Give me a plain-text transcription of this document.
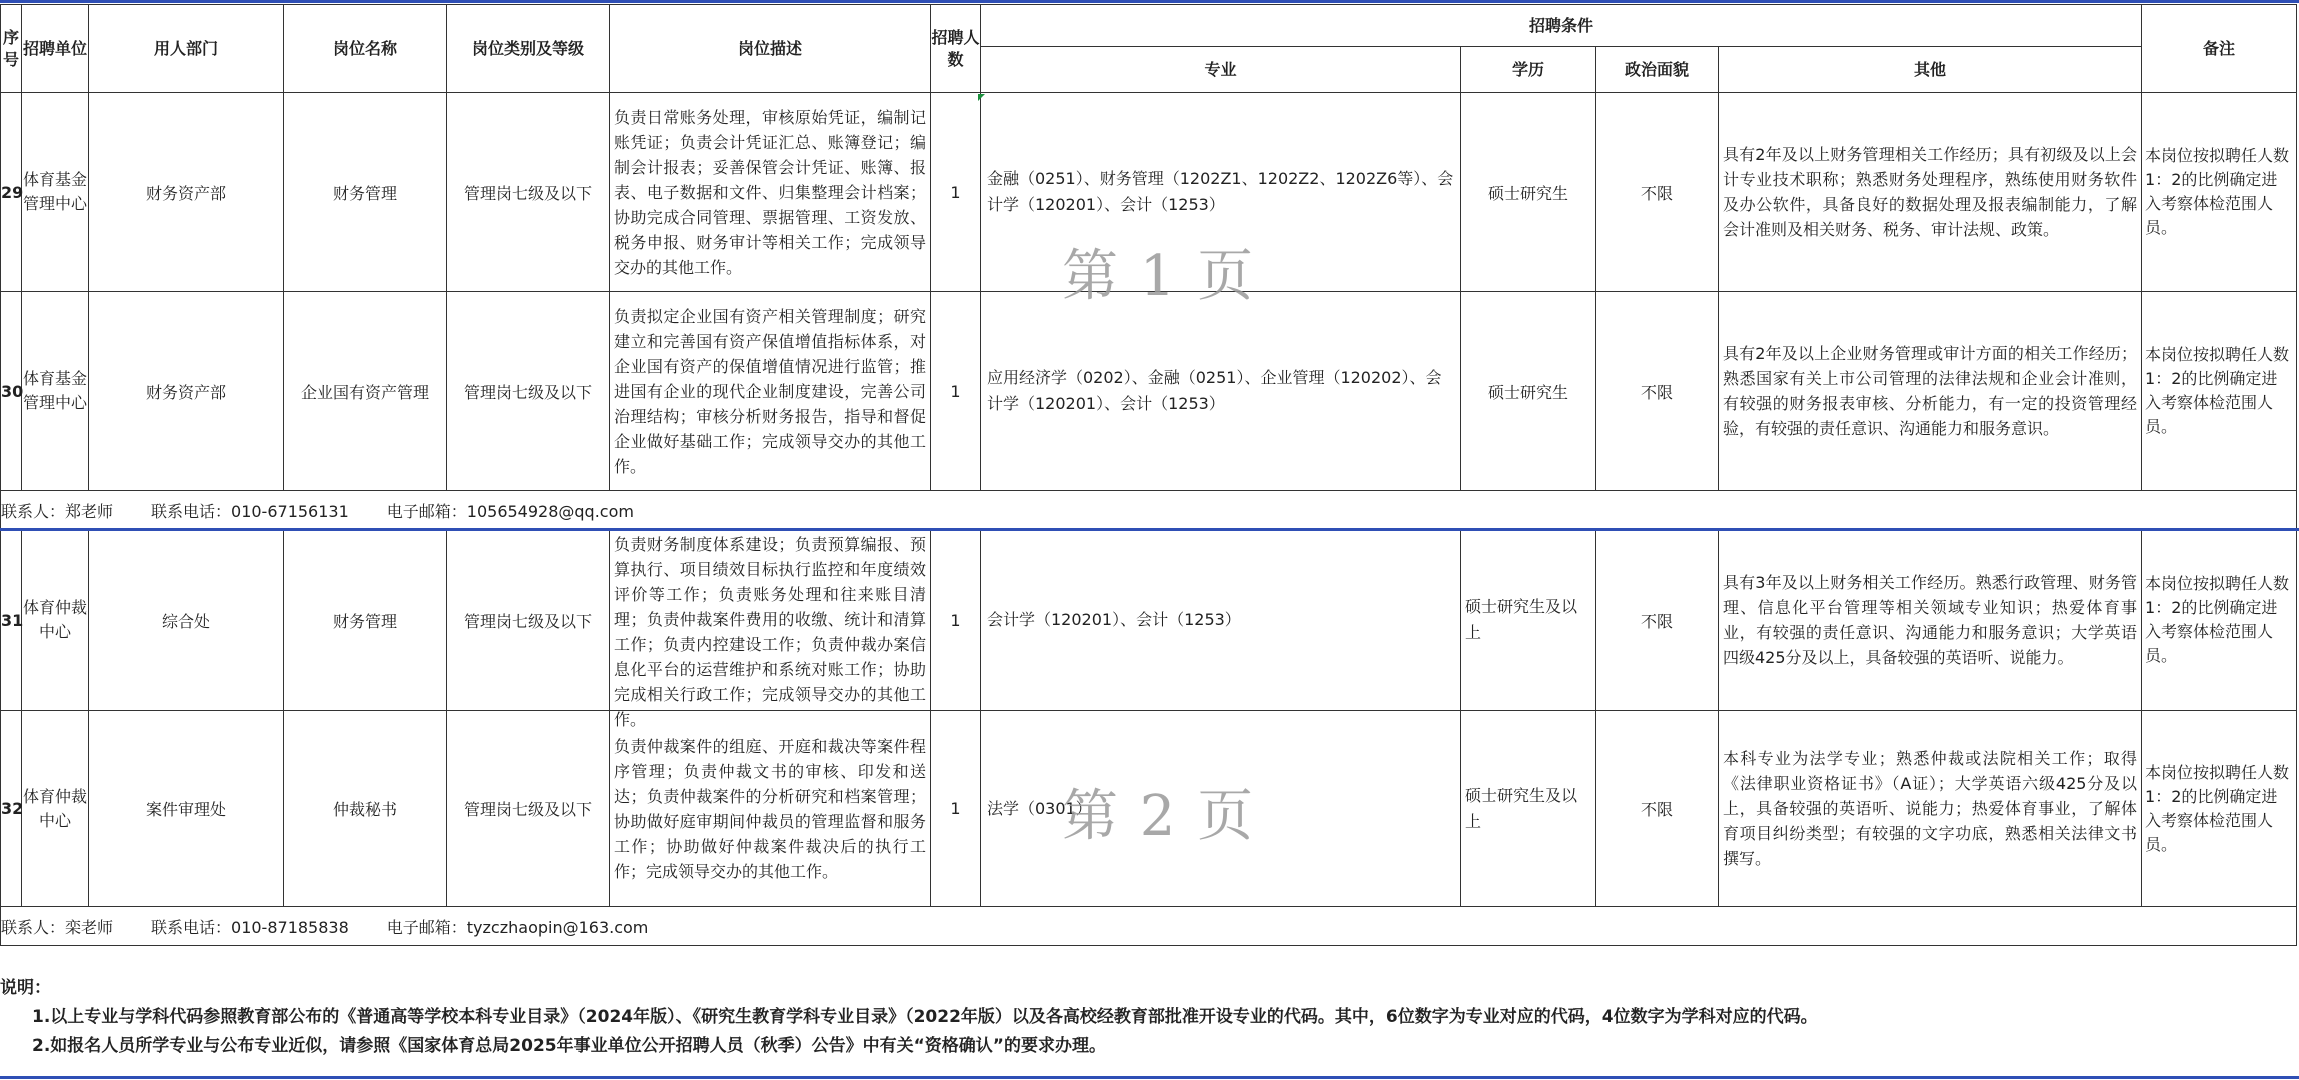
序号	招聘单位	用人部门	岗位名称	岗位类别及等级	岗位描述	招聘人数	招聘条件				备注
							专业	学历	政治面貌	其他	
29	体育基金管理中心	财务资产部	财务管理	管理岗七级及以下	负责日常账务处理，审核原始凭证，编制记账凭证；负责会计凭证汇总、账簿登记；编制会计报表；妥善保管会计凭证、账簿、报表、电子数据和文件、归集整理会计档案；协助完成合同管理、票据管理、工资发放、税务申报、财务审计等相关工作；完成领导交办的其他工作。	1	金融（0251）、财务管理（1202Z1、1202Z2、1202Z6等）、会计学（120201）、会计（1253）	硕士研究生	不限	具有2年及以上财务管理相关工作经历；具有初级及以上会计专业技术职称；熟悉财务处理程序，熟练使用财务软件及办公软件，具备良好的数据处理及报表编制能力，了解会计准则及相关财务、税务、审计法规、政策。	本岗位按拟聘任人数1：2的比例确定进入考察体检范围人员。
30	体育基金管理中心	财务资产部	企业国有资产管理	管理岗七级及以下	负责拟定企业国有资产相关管理制度；研究建立和完善国有资产保值增值指标体系，对企业国有资产的保值增值情况进行监管；推进国有企业的现代企业制度建设，完善公司治理结构；审核分析财务报告，指导和督促企业做好基础工作；完成领导交办的其他工作。	1	应用经济学（0202）、金融（0251）、企业管理（120202）、会计学（120201）、会计（1253）	硕士研究生	不限	具有2年及以上企业财务管理或审计方面的相关工作经历；熟悉国家有关上市公司管理的法律法规和企业会计准则，有较强的财务报表审核、分析能力，有一定的投资管理经验，有较强的责任意识、沟通能力和服务意识。	本岗位按拟聘任人数1：2的比例确定进入考察体检范围人员。
联系人：郑老师 联系电话：010-67156131 电子邮箱：105654928@qq.com											
31	体育仲裁中心	综合处	财务管理	管理岗七级及以下	负责财务制度体系建设；负责预算编报、预算执行、项目绩效目标执行监控和年度绩效评价等工作；负责账务处理和往来账目清理；负责仲裁案件费用的收缴、统计和清算工作；负责内控建设工作；负责仲裁办案信息化平台的运营维护和系统对账工作；协助完成相关行政工作；完成领导交办的其他工作。	1	会计学（120201）、会计（1253）	硕士研究生及以上	不限	具有3年及以上财务相关工作经历。熟悉行政管理、财务管理、信息化平台管理等相关领域专业知识；热爱体育事业，有较强的责任意识、沟通能力和服务意识；大学英语四级425分及以上，具备较强的英语听、说能力。	本岗位按拟聘任人数1：2的比例确定进入考察体检范围人员。
32	体育仲裁中心	案件审理处	仲裁秘书	管理岗七级及以下	负责仲裁案件的组庭、开庭和裁决等案件程序管理；负责仲裁文书的审核、印发和送达；负责仲裁案件的分析研究和档案管理；协助做好庭审期间仲裁员的管理监督和服务工作；协助做好仲裁案件裁决后的执行工作；完成领导交办的其他工作。	1	法学（0301）	硕士研究生及以上	不限	本科专业为法学专业；熟悉仲裁或法院相关工作；取得《法律职业资格证书》（A证）；大学英语六级425分及以上，具备较强的英语听、说能力；热爱体育事业，了解体育项目纠纷类型；有较强的文字功底，熟悉相关法律文书撰写。	本岗位按拟聘任人数1：2的比例确定进入考察体检范围人员。
联系人：栾老师 联系电话：010-87185838 电子邮箱：tyzczhaopin@163.com											
第 1 页
第 2 页
说明：
1.以上专业与学科代码参照教育部公布的《普通高等学校本科专业目录》（2024年版）、《研究生教育学科专业目录》（2022年版）以及各高校经教育部批准开设专业的代码。其中，6位数字为专业对应的代码，4位数字为学科对应的代码。
2.如报名人员所学专业与公布专业近似，请参照《国家体育总局2025年事业单位公开招聘人员（秋季）公告》中有关“资格确认”的要求办理。
